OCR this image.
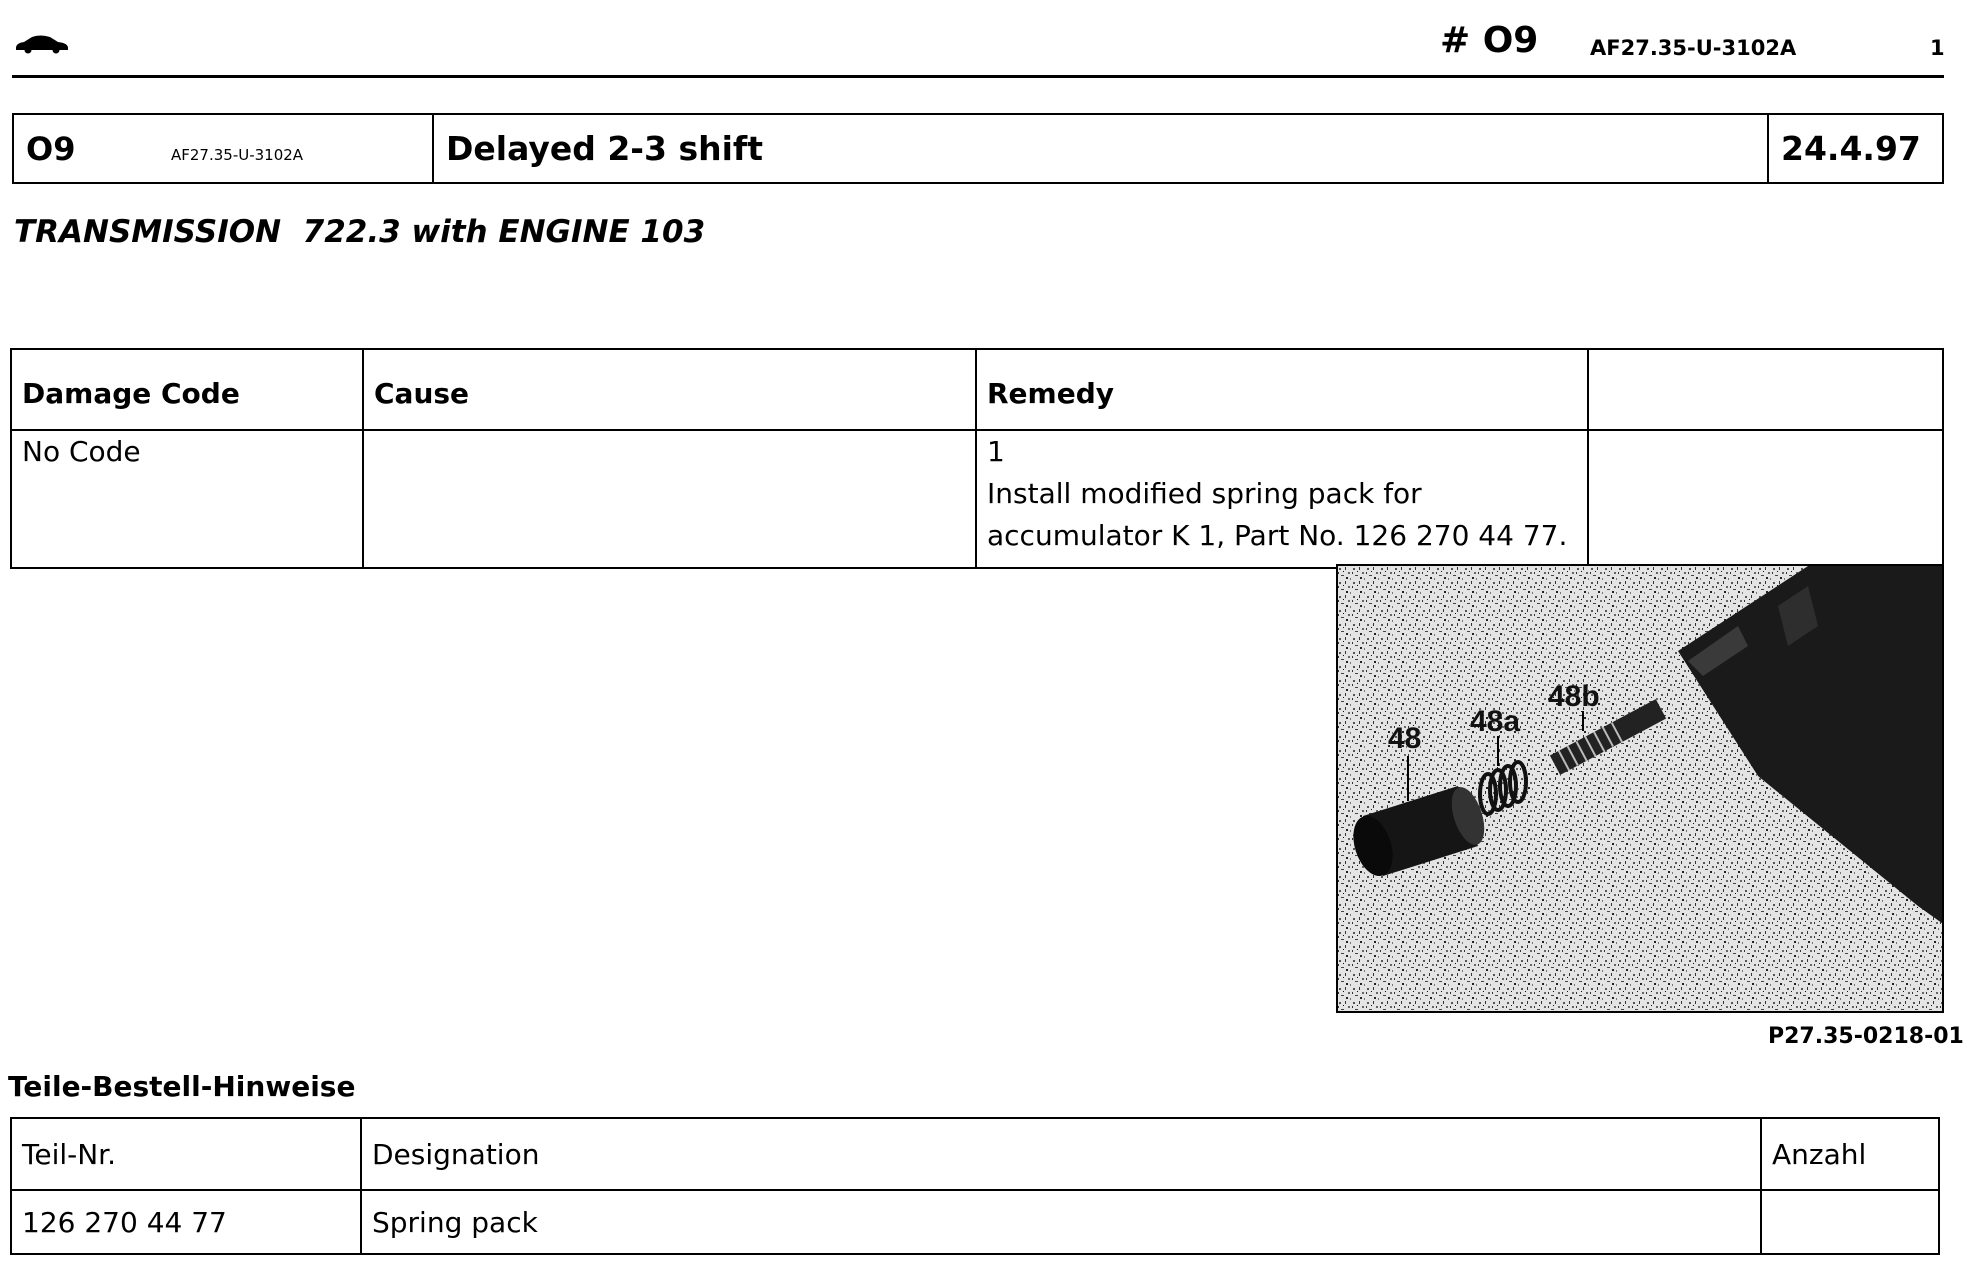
# O9 AF27.35-U-3102A	1
O9	AF27.35-U-3102A	Delayed 2-3 shift	24.4.97
TRANSMISSION  722.3 with ENGINE 103
Damage Code	Cause	Remedy	
No Code		1Install modified spring pack for
accumulator K 1, Part No. 126 270 44 77.	
48
48a
48b
P27.35-0218-01
Teile-Bestell-Hinweise
Teil-Nr.	Designation	Anzahl
126 270 44 77	Spring pack	
